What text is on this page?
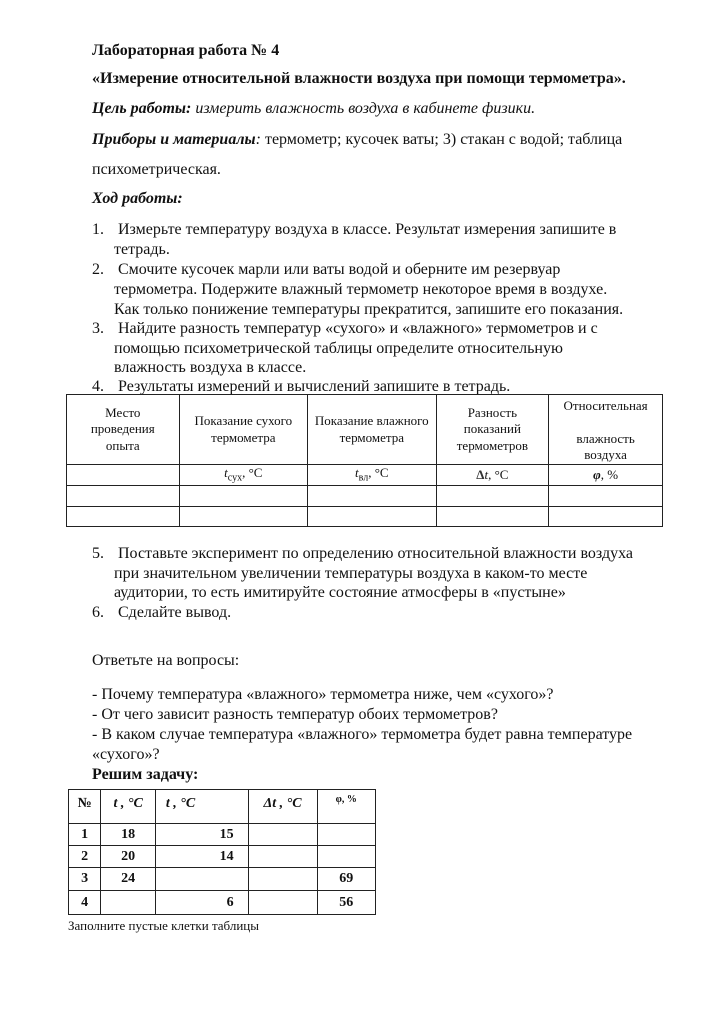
Лабораторная работа № 4
«Измерение относительной влажности воздуха при помощи термометра».
Цель работы: измерить влажность воздуха в кабинете физики.
Приборы и материалы: термометр; кусочек ваты; 3) стакан с водой; таблица
психометрическая.
Ход работы:
1. Измерьте температуру воздуха в классе. Результат измерения запишите в
тетрадь.
2. Смочите кусочек марли или ваты водой и оберните им резервуар
термометра. Подержите влажный термометр некоторое время в воздухе.
Как только понижение температуры прекратится, запишите его показания.
3. Найдите разность температур «сухого» и «влажного» термометров и с
помощью психометрической таблицы определите относительную
влажность воздуха в классе.
4. Результаты измерений и вычислений запишите в тетрадь.
Место
проведения
опыта	Показание сухого
термометра	Показание влажного
термометра	Разность
показаний
термометров	Относительная

влажность
воздуха
	$t_{сух}$, °C	$t_{вл}$, °C	Δt, °C	φ, %

5. Поставьте эксперимент по определению относительной влажности воздуха
при значительном увеличении температуры воздуха в каком-то месте
аудитории, то есть имитируйте состояние атмосферы в «пустыне»
6. Сделайте вывод.
Ответьте на вопросы:
- Почему температура «влажного» термометра ниже, чем «сухого»?
- От чего зависит разность температур обоих термометров?
- В каком случае температура «влажного» термометра будет равна температуре
«сухого»?
Решим задачу:
№	t , °C	t , °C	Δt , °C	φ, %
1	18	15		
2	20	14		
3	24			69
4		6		56
Заполните пустые клетки таблицы
